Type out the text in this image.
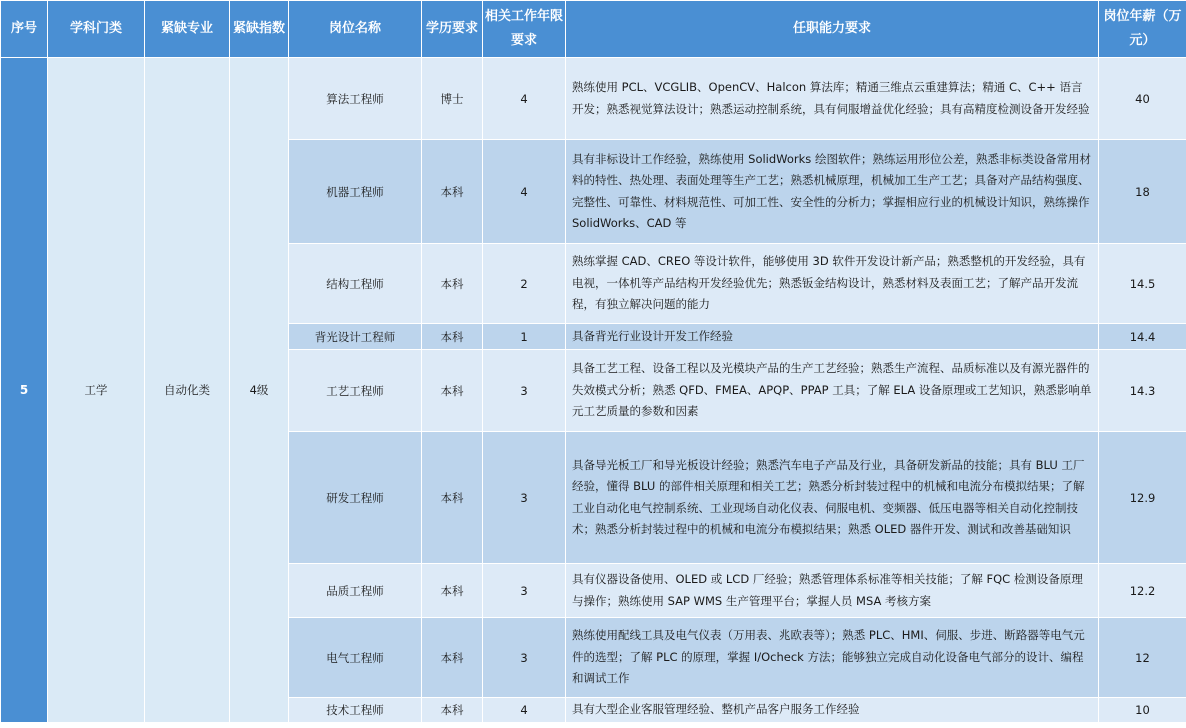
序号	学科门类	紧缺专业	紧缺指数	岗位名称	学历要求	相关工作年限要求	任职能力要求	岗位年薪（万元）
5	工学	自动化类	4级	算法工程师	博士	4	熟练使用 PCL、VCGLIB、OpenCV、Halcon 算法库；精通三维点云重建算法；精通 C、C++ 语言开发；熟悉视觉算法设计；熟悉运动控制系统，具有伺服增益优化经验；具有高精度检测设备开发经验	40
				机器工程师	本科	4	具有非标设计工作经验，熟练使用 SolidWorks 绘图软件；熟练运用形位公差，熟悉非标类设备常用材料的特性、热处理、表面处理等生产工艺；熟悉机械原理，机械加工生产工艺；具备对产品结构强度、完整性、可靠性、材料规范性、可加工性、安全性的分析力；掌握相应行业的机械设计知识，熟练操作 SolidWorks、CAD 等	18
				结构工程师	本科	2	熟练掌握 CAD、CREO 等设计软件，能够使用 3D 软件开发设计新产品；熟悉整机的开发经验，具有电视，一体机等产品结构开发经验优先；熟悉钣金结构设计，熟悉材料及表面工艺；了解产品开发流程，有独立解决问题的能力	14.5
				背光设计工程师	本科	1	具备背光行业设计开发工作经验	14.4
				工艺工程师	本科	3	具备工艺工程、设备工程以及光模块产品的生产工艺经验；熟悉生产流程、品质标准以及有源光器件的失效模式分析；熟悉 QFD、FMEA、APQP、PPAP 工具；了解 ELA 设备原理或工艺知识，熟悉影响单元工艺质量的参数和因素	14.3
				研发工程师	本科	3	具备导光板工厂和导光板设计经验；熟悉汽车电子产品及行业，具备研发新品的技能；具有 BLU 工厂经验，懂得 BLU 的部件相关原理和相关工艺；熟悉分析封装过程中的机械和电流分布模拟结果；了解工业自动化电气控制系统、工业现场自动化仪表、伺服电机、变频器、低压电器等相关自动化控制技术；熟悉分析封装过程中的机械和电流分布模拟结果；熟悉 OLED 器件开发、测试和改善基础知识	12.9
				品质工程师	本科	3	具有仪器设备使用、OLED 或 LCD 厂经验；熟悉管理体系标准等相关技能；了解 FQC 检测设备原理与操作；熟练使用 SAP WMS 生产管理平台；掌握人员 MSA 考核方案	12.2
				电气工程师	本科	3	熟练使用配线工具及电气仪表（万用表、兆欧表等）；熟悉 PLC、HMI、伺服、步进、断路器等电气元件的选型；了解 PLC 的原理，掌握 I/Ocheck 方法；能够独立完成自动化设备电气部分的设计、编程和调试工作	12
				技术工程师	本科	4	具有大型企业客服管理经验、整机产品客户服务工作经验	10
